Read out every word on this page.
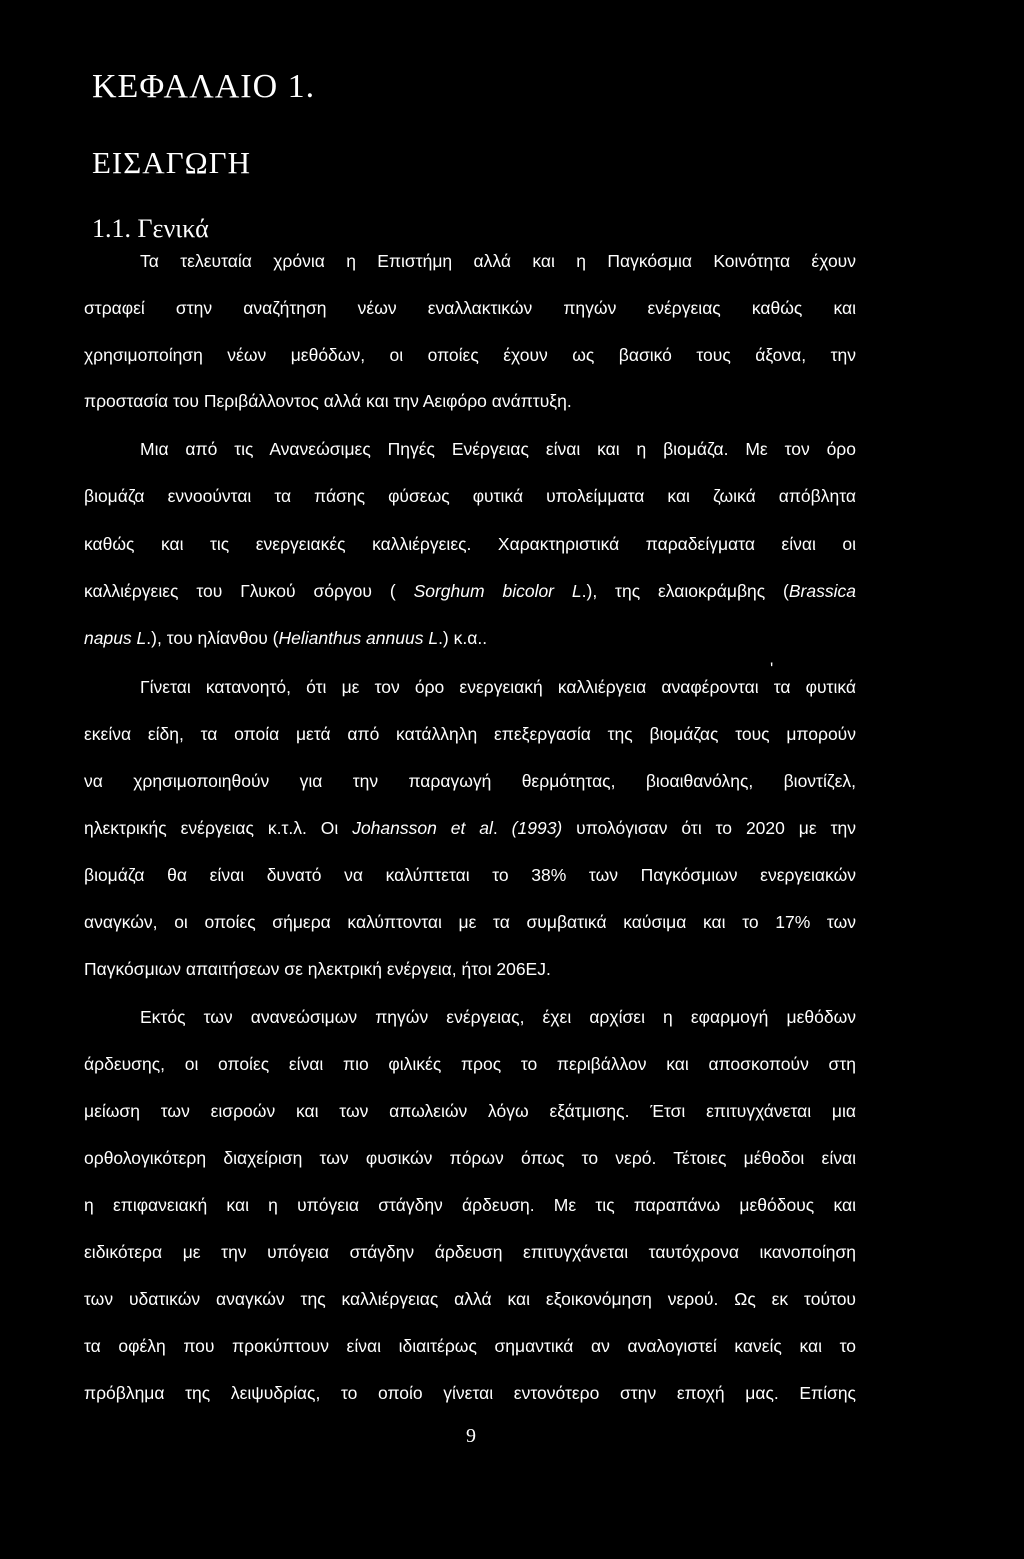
ΚΕΦΑΛΑΙΟ 1.
ΕΙΣΑΓΩΓΗ
1.1. Γενικά
Τα τελευταία χρόνια η Επιστήμη αλλά και η Παγκόσμια Κοινότητα έχουν
στραφεί στην αναζήτηση νέων εναλλακτικών πηγών ενέργειας καθώς και
χρησιμοποίηση νέων μεθόδων, οι οποίες έχουν ως βασικό τους άξονα, την
προστασία του Περιβάλλοντος αλλά και την Αειφόρο ανάπτυξη.
Μια από τις Ανανεώσιμες Πηγές Ενέργειας είναι και η βιομάζα. Με τον όρο
βιομάζα εννοούνται τα πάσης φύσεως φυτικά υπολείμματα και ζωικά απόβλητα
καθώς και τις ενεργειακές καλλιέργειες. Χαρακτηριστικά παραδείγματα είναι οι
καλλιέργειες του Γλυκού σόργου ( Sorghum bicolor L.), της ελαιοκράμβης (Brassica
napus L.), του ηλίανθου (Helianthus annuus L.) κ.α..
'
Γίνεται κατανοητό, ότι με τον όρο ενεργειακή καλλιέργεια αναφέρονται τα φυτικά
εκείνα είδη, τα οποία μετά από κατάλληλη επεξεργασία της βιομάζας τους μπορούν
να χρησιμοποιηθούν για την παραγωγή θερμότητας, βιοαιθανόλης, βιοντίζελ,
ηλεκτρικής ενέργειας κ.τ.λ. Οι Johansson et al. (1993) υπολόγισαν ότι το 2020 με την
βιομάζα θα είναι δυνατό να καλύπτεται το 38% των Παγκόσμιων ενεργειακών
αναγκών, οι οποίες σήμερα καλύπτονται με τα συμβατικά καύσιμα και το 17% των
Παγκόσμιων απαιτήσεων σε ηλεκτρική ενέργεια, ήτοι 206EJ.
Εκτός των ανανεώσιμων πηγών ενέργειας, έχει αρχίσει η εφαρμογή μεθόδων
άρδευσης, οι οποίες είναι πιο φιλικές προς το περιβάλλον και αποσκοπούν στη
μείωση των εισροών και των απωλειών λόγω εξάτμισης. Έτσι επιτυγχάνεται μια
ορθολογικότερη διαχείριση των φυσικών πόρων όπως το νερό. Τέτοιες μέθοδοι είναι
η επιφανειακή και η υπόγεια στάγδην άρδευση. Με τις παραπάνω μεθόδους και
ειδικότερα με την υπόγεια στάγδην άρδευση επιτυγχάνεται ταυτόχρονα ικανοποίηση
των υδατικών αναγκών της καλλιέργειας αλλά και εξοικονόμηση νερού. Ως εκ τούτου
τα οφέλη που προκύπτουν είναι ιδιαιτέρως σημαντικά αν αναλογιστεί κανείς και το
πρόβλημα της λειψυδρίας, το οποίο γίνεται εντονότερο στην εποχή μας. Επίσης
9
